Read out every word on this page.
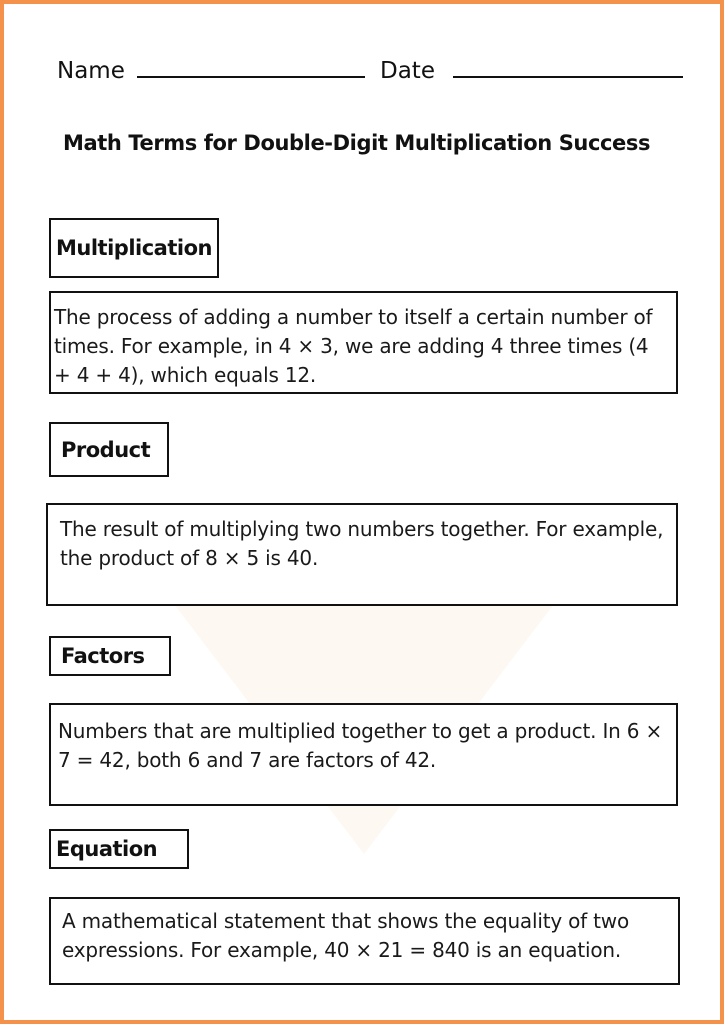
Name	Date
Math Terms for Double-Digit Multiplication Success
Multiplication
The process of adding a number to itself a certain number of times. For example, in 4 × 3, we are adding 4 three times (4 + 4 + 4), which equals 12.
Product
The result of multiplying two numbers together. For example, the product of 8 × 5 is 40.
Factors
Numbers that are multiplied together to get a product. In 6 × 7 = 42, both 6 and 7 are factors of 42.
Equation
A mathematical statement that shows the equality of two expressions. For example, 40 × 21 = 840 is an equation.
